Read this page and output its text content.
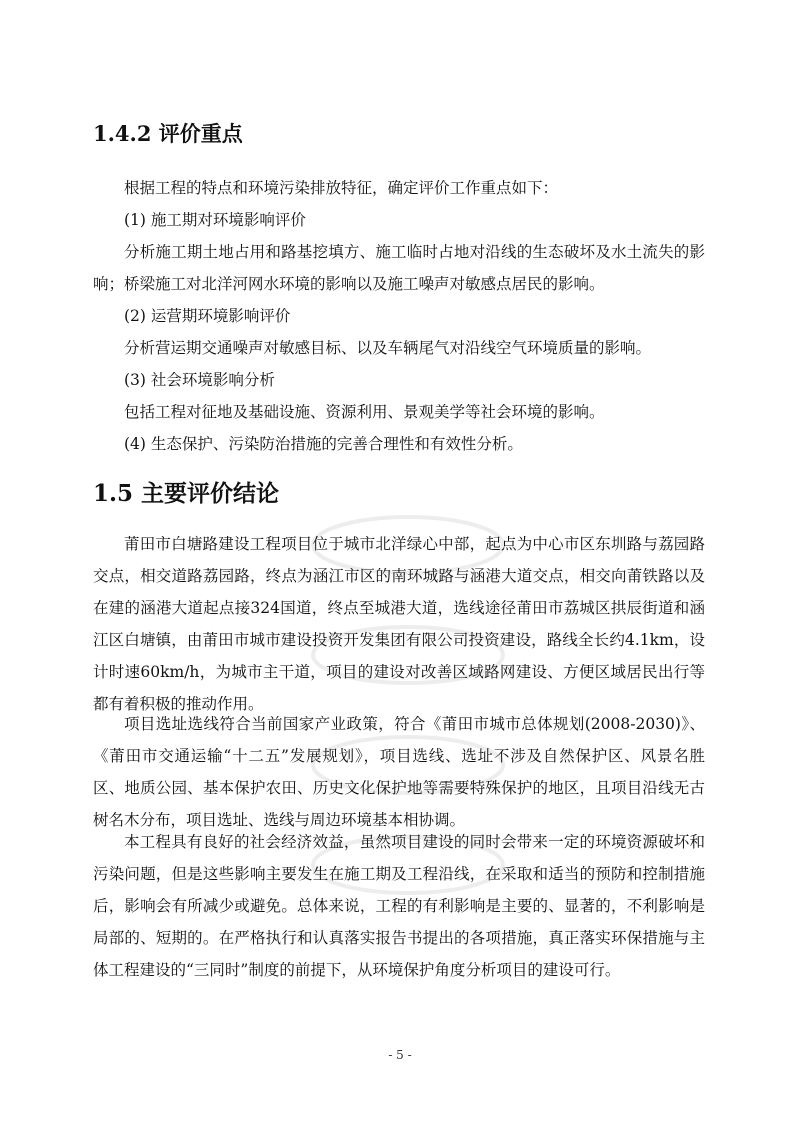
1.4.2 评价重点
根据工程的特点和环境污染排放特征，确定评价工作重点如下：
(1) 施工期对环境影响评价
分析施工期土地占用和路基挖填方、施工临时占地对沿线的生态破坏及水土流失的影响；桥梁施工对北洋河网水环境的影响以及施工噪声对敏感点居民的影响。
(2) 运营期环境影响评价
分析营运期交通噪声对敏感目标、以及车辆尾气对沿线空气环境质量的影响。
(3) 社会环境影响分析
包括工程对征地及基础设施、资源利用、景观美学等社会环境的影响。
(4) 生态保护、污染防治措施的完善合理性和有效性分析。
1.5 主要评价结论
莆田市白塘路建设工程项目位于城市北洋绿心中部，起点为中心市区东圳路与荔园路交点，相交道路荔园路，终点为涵江市区的南环城路与涵港大道交点，相交向莆铁路以及在建的涵港大道起点接324国道，终点至城港大道，选线途径莆田市荔城区拱辰街道和涵江区白塘镇，由莆田市城市建设投资开发集团有限公司投资建设，路线全长约4.1km，设计时速60km/h，为城市主干道，项目的建设对改善区域路网建设、方便区域居民出行等都有着积极的推动作用。
项目选址选线符合当前国家产业政策，符合《莆田市城市总体规划(2008-2030)》、《莆田市交通运输“十二五”发展规划》，项目选线、选址不涉及自然保护区、风景名胜区、地质公园、基本保护农田、历史文化保护地等需要特殊保护的地区，且项目沿线无古树名木分布，项目选址、选线与周边环境基本相协调。
本工程具有良好的社会经济效益，虽然项目建设的同时会带来一定的环境资源破坏和污染问题，但是这些影响主要发生在施工期及工程沿线，在采取和适当的预防和控制措施后，影响会有所减少或避免。总体来说，工程的有利影响是主要的、显著的，不利影响是局部的、短期的。在严格执行和认真落实报告书提出的各项措施，真正落实环保措施与主体工程建设的“三同时”制度的前提下，从环境保护角度分析项目的建设可行。
- 5 -
